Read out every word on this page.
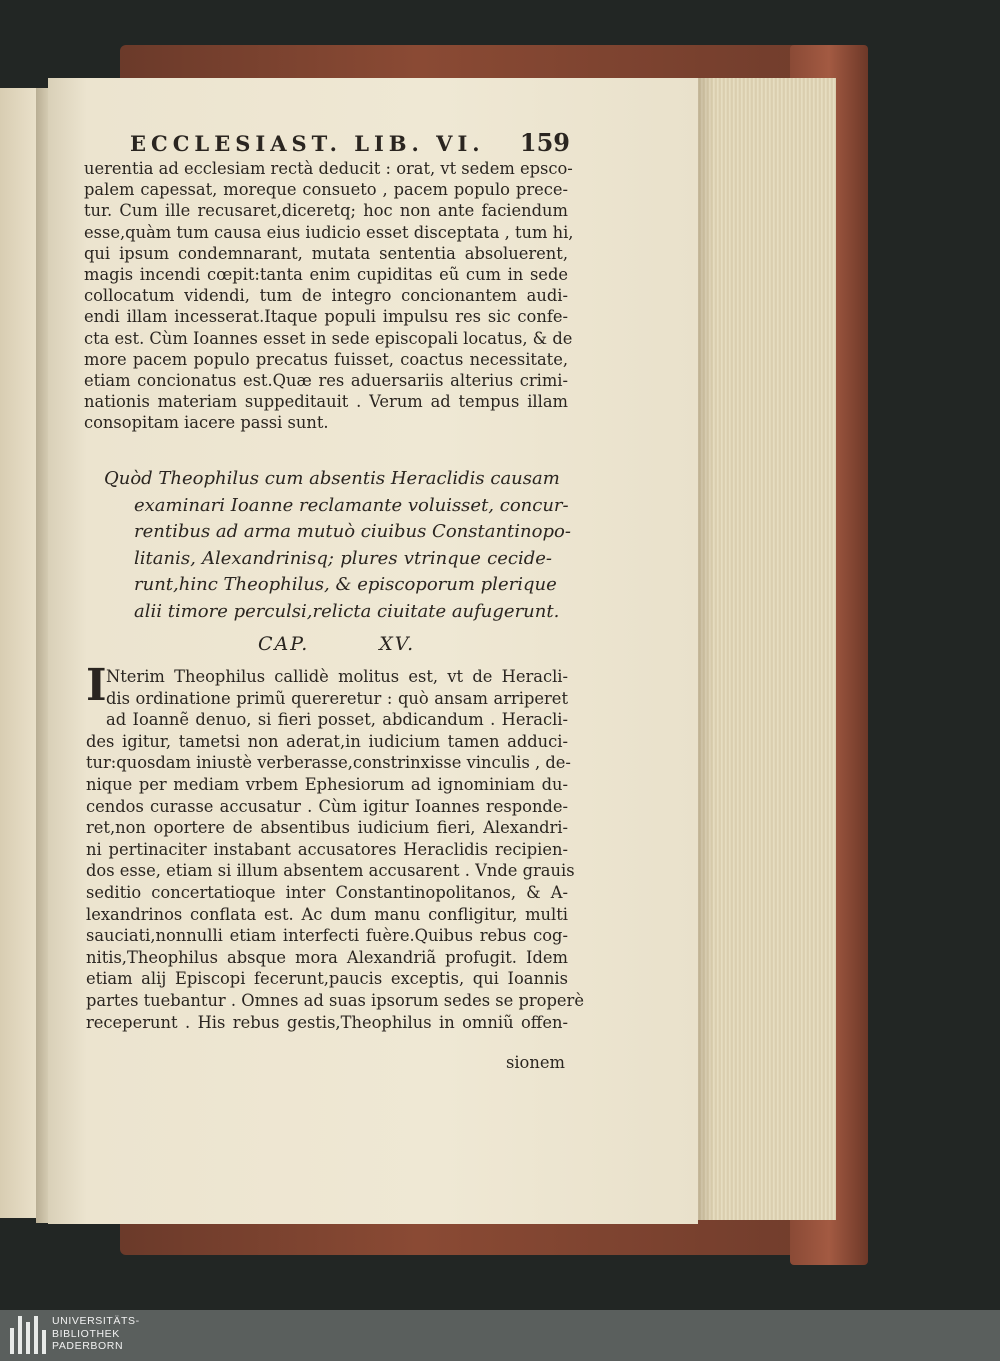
ECCLESIAST. LIB. VI. 159
uerentia ad ecclesiam rectà deducit : orat, vt sedem epsco-
palem capessat, moreque consueto , pacem populo prece-
tur. Cum ille recusaret,diceretq; hoc non ante faciendum
esse,quàm tum causa eius iudicio esset disceptata , tum hi,
qui ipsum condemnarant, mutata sententia absoluerent,
magis incendi cœpit:tanta enim cupiditas eũ cum in sede
collocatum videndi, tum de integro concionantem audi-
endi illam incesserat.Itaque populi impulsu res sic confe-
cta est. Cùm Ioannes esset in sede episcopali locatus, & de
more pacem populo precatus fuisset, coactus necessitate,
etiam concionatus est.Quæ res aduersariis alterius crimi-
nationis materiam suppeditauit . Verum ad tempus illam
consopitam iacere passi sunt.
Quòd Theophilus cum absentis Heraclidis causam
examinari Ioanne reclamante voluisset, concur-
rentibus ad arma mutuò ciuibus Constantinopo-
litanis, Alexandrinisq; plures vtrinque cecide-
runt,hinc Theophilus, & episcoporum plerique
alii timore perculsi,relicta ciuitate aufugerunt.
CAP.	XV.
I Nterim Theophilus callidè molitus est, vt de Heracli-
dis ordinatione primũ quereretur : quò ansam arriperet
ad Ioannẽ denuo, si fieri posset, abdicandum . Heracli-
des igitur, tametsi non aderat,in iudicium tamen adduci-
tur:quosdam iniustè verberasse,constrinxisse vinculis , de-
nique per mediam vrbem Ephesiorum ad ignominiam du-
cendos curasse accusatur . Cùm igitur Ioannes responde-
ret,non oportere de absentibus iudicium fieri, Alexandri-
ni pertinaciter instabant accusatores Heraclidis recipien-
dos esse, etiam si illum absentem accusarent . Vnde grauis
seditio concertatioque inter Constantinopolitanos, & A-
lexandrinos conflata est. Ac dum manu confligitur, multi
sauciati,nonnulli etiam interfecti fuère.Quibus rebus cog-
nitis,Theophilus absque mora Alexandriã profugit. Idem
etiam alij Episcopi fecerunt,paucis exceptis, qui Ioannis
partes tuebantur . Omnes ad suas ipsorum sedes se properè
receperunt . His rebus gestis,Theophilus in omniũ offen-
sionem
UNIVERSITÄTS-
BIBLIOTHEK
PADERBORN
